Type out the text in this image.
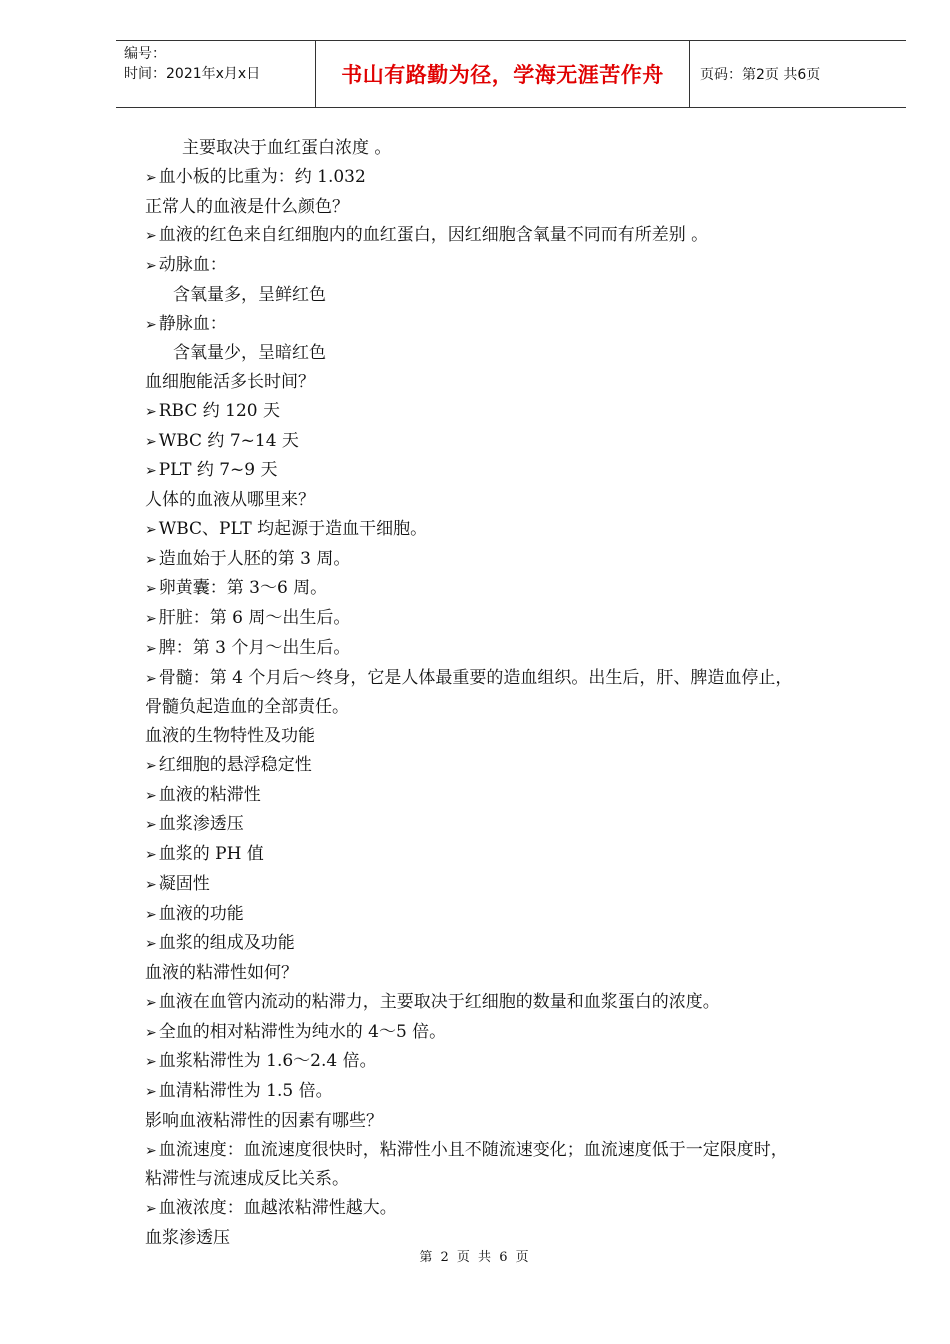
编号：
时间：2021年x月x日	书山有路勤为径，学海无涯苦作舟	页码：第2页 共6页
主要取决于血红蛋白浓度 。
➢ 血小板的比重为：约 1.032
正常人的血液是什么颜色？
➢ 血液的红色来自红细胞内的血红蛋白，因红细胞含氧量不同而有所差别 。
➢ 动脉血：
含氧量多，呈鲜红色
➢ 静脉血：
含氧量少，呈暗红色
血细胞能活多长时间？
➢ RBC 约 120 天
➢ WBC 约 7~14 天
➢ PLT 约 7~9 天
人体的血液从哪里来？
➢ WBC、PLT 均起源于造血干细胞。
➢ 造血始于人胚的第 3 周。
➢ 卵黄囊：第 3～6 周。
➢ 肝脏：第 6 周～出生后。
➢ 脾：第 3 个月～出生后。
➢ 骨髓：第 4 个月后～终身，它是人体最重要的造血组织。出生后，肝、脾造血停止，
骨髓负起造血的全部责任。
血液的生物特性及功能
➢ 红细胞的悬浮稳定性
➢ 血液的粘滞性
➢ 血浆渗透压
➢ 血浆的 PH 值
➢ 凝固性
➢ 血液的功能
➢ 血浆的组成及功能
血液的粘滞性如何？
➢ 血液在血管内流动的粘滞力，主要取决于红细胞的数量和血浆蛋白的浓度。
➢ 全血的相对粘滞性为纯水的 4～5 倍。
➢ 血浆粘滞性为 1.6～2.4 倍。
➢ 血清粘滞性为 1.5 倍。
影响血液粘滞性的因素有哪些？
➢ 血流速度：血流速度很快时，粘滞性小且不随流速变化；血流速度低于一定限度时，
粘滞性与流速成反比关系。
➢ 血液浓度：血越浓粘滞性越大。
血浆渗透压
第 2 页 共 6 页
